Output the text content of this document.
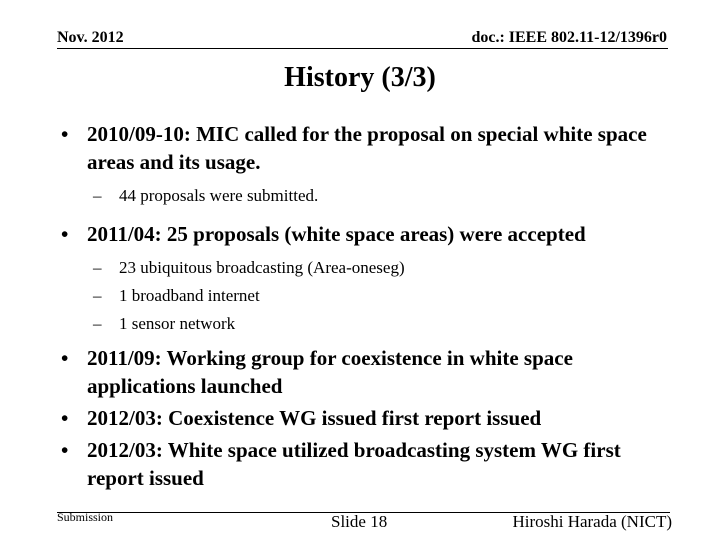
Nov. 2012	doc.: IEEE 802.11-12/1396r0
History (3/3)
• 2010/09-10: MIC called for the proposal on special white space areas and its usage.
– 44 proposals were submitted.
• 2011/04: 25 proposals (white space areas) were accepted
– 23 ubiquitous broadcasting (Area-oneseg)
– 1 broadband internet
– 1 sensor network
• 2011/09: Working group for coexistence in white space applications launched
• 2012/03: Coexistence WG issued first report issued
• 2012/03: White space utilized broadcasting system WG first report issued
Submission	Slide 18	Hiroshi Harada (NICT)
